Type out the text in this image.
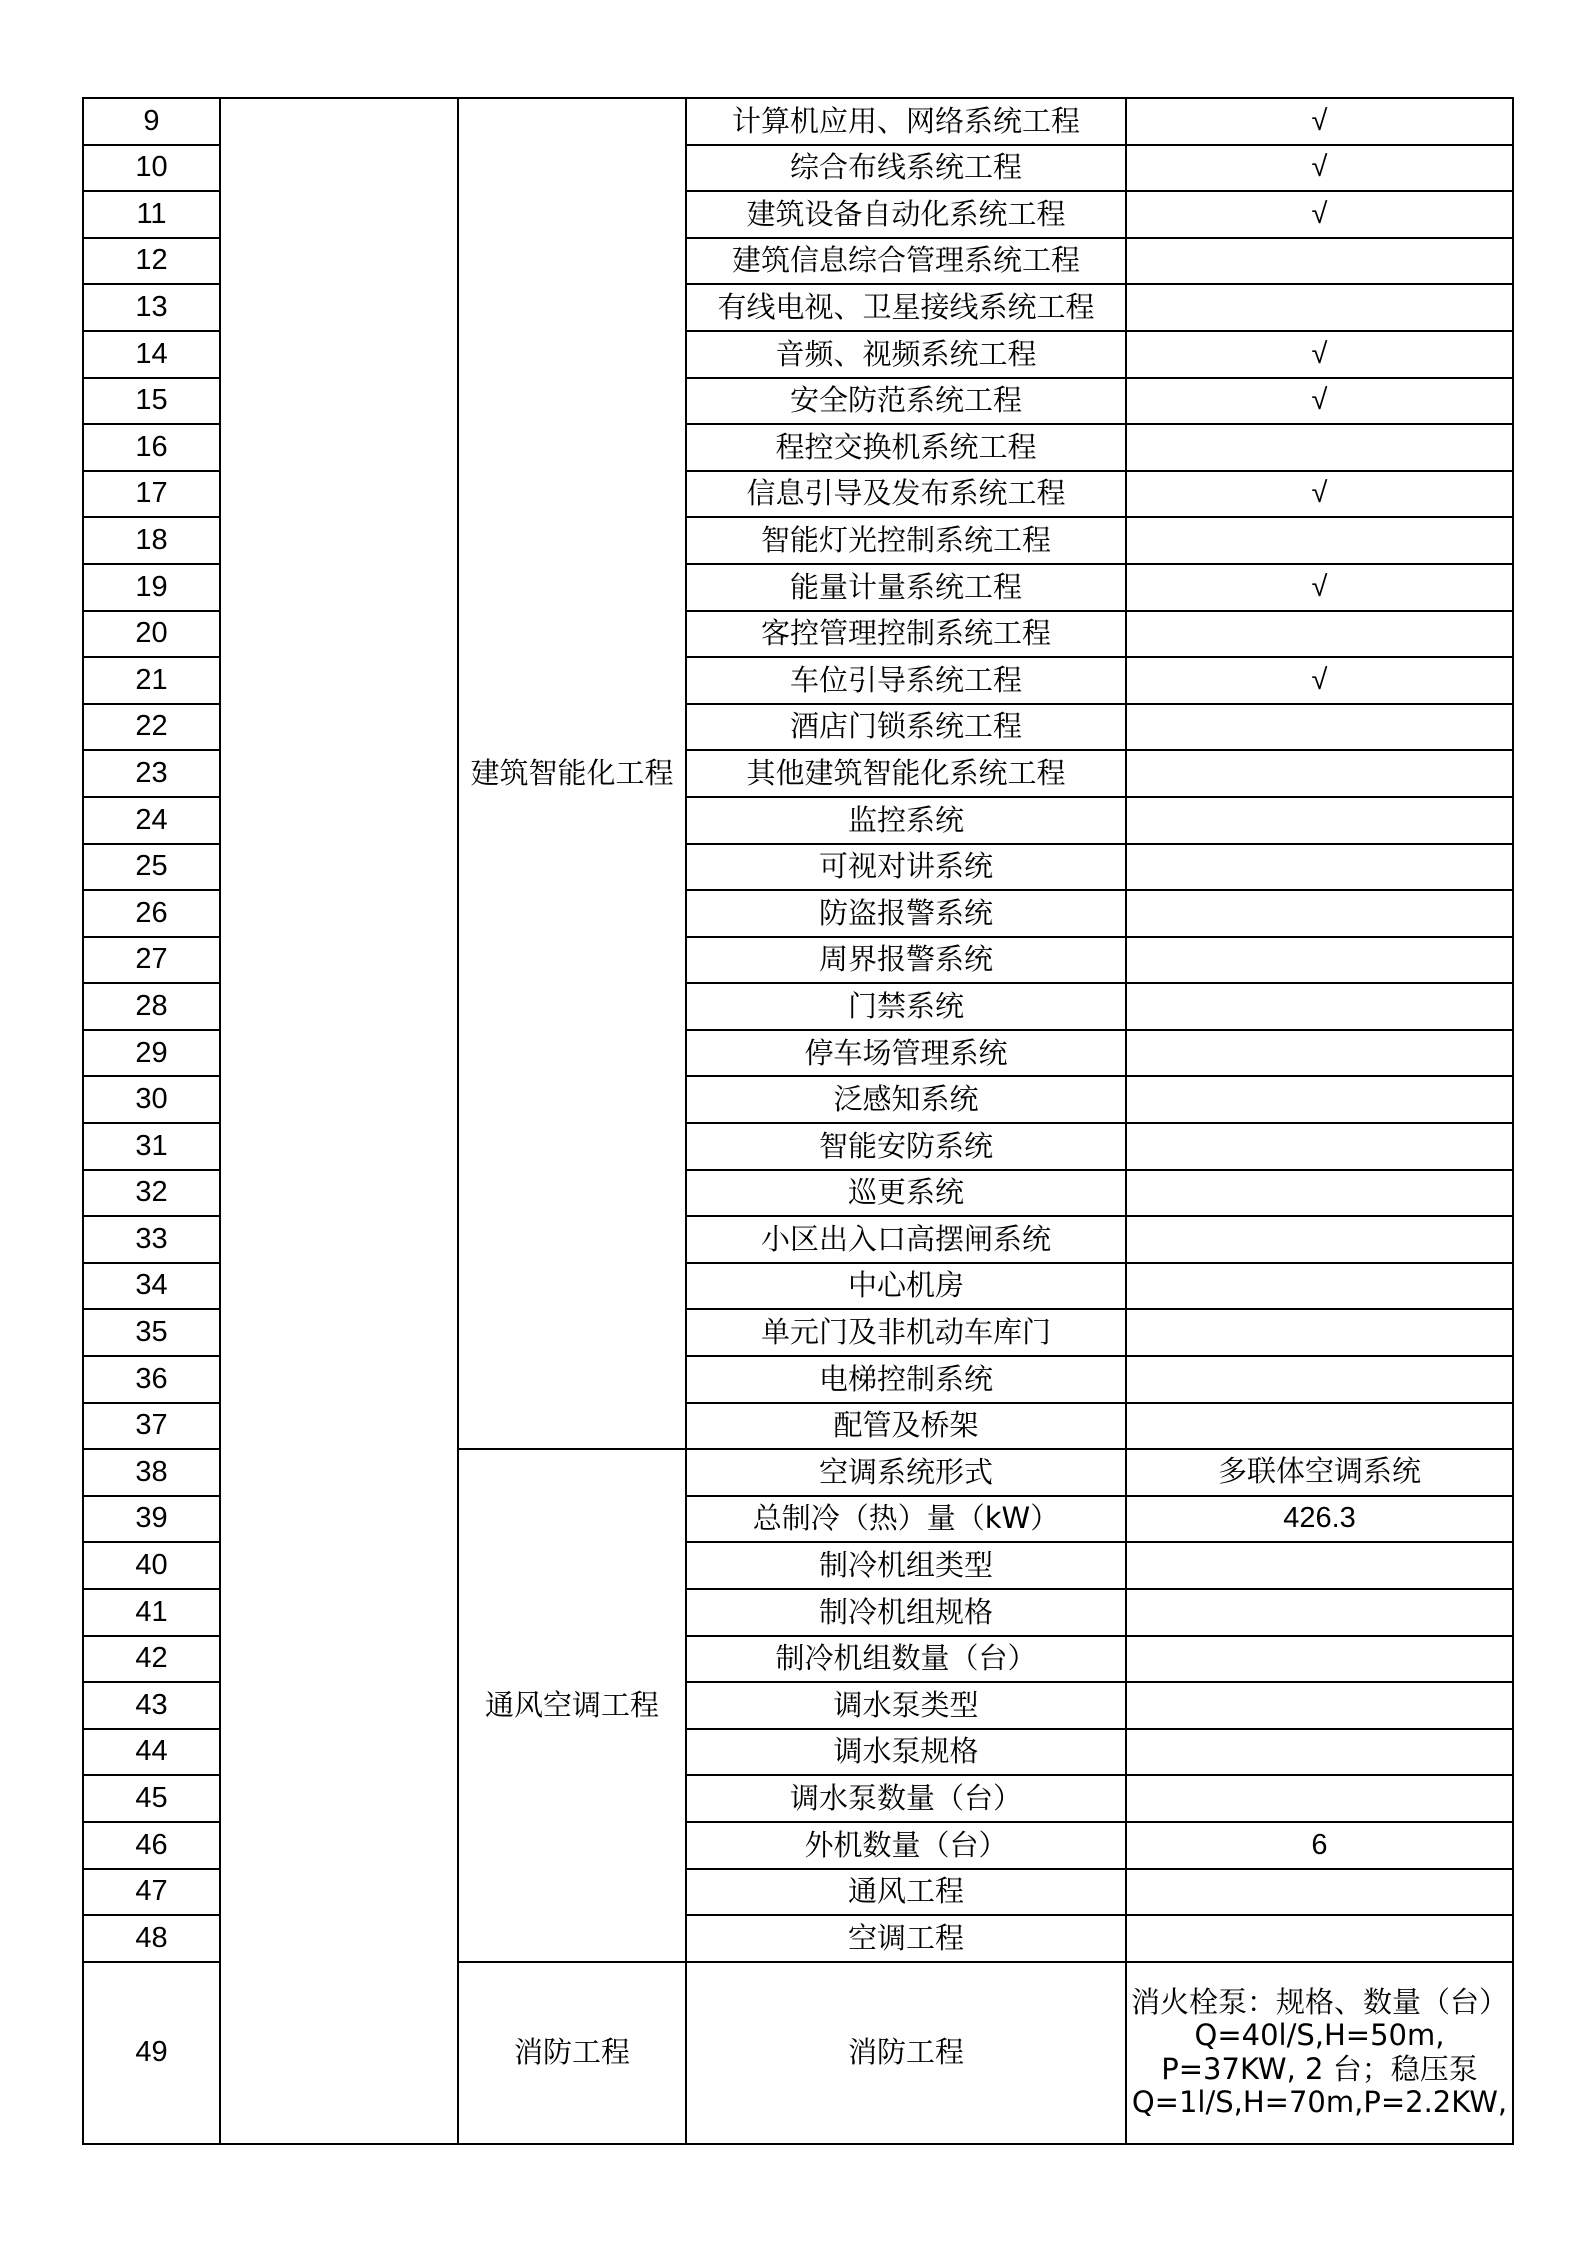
9		建筑智能化工程	计算机应用、网络系统工程	√
10			综合布线系统工程	√
11			建筑设备自动化系统工程	√
12			建筑信息综合管理系统工程	
13			有线电视、卫星接线系统工程	
14			音频、视频系统工程	√
15			安全防范系统工程	√
16			程控交换机系统工程	
17			信息引导及发布系统工程	√
18			智能灯光控制系统工程	
19			能量计量系统工程	√
20			客控管理控制系统工程	
21			车位引导系统工程	√
22			酒店门锁系统工程	
23			其他建筑智能化系统工程	
24			监控系统	
25			可视对讲系统	
26			防盗报警系统	
27			周界报警系统	
28			门禁系统	
29			停车场管理系统	
30			泛感知系统	
31			智能安防系统	
32			巡更系统	
33			小区出入口高摆闸系统	
34			中心机房	
35			单元门及非机动车库门	
36			电梯控制系统	
37			配管及桥架	
38		通风空调工程	空调系统形式	多联体空调系统
39			总制冷（热）量（kW）	426.3
40			制冷机组类型	
41			制冷机组规格	
42			制冷机组数量（台）	
43			调水泵类型	
44			调水泵规格	
45			调水泵数量（台）	
46			外机数量（台）	6
47			通风工程	
48			空调工程	
49		消防工程	消防工程	消火栓泵：规格、数量（台）Q=40l/S,H=50m, P=37KW, 2 台；稳压泵 Q=1l/S,H=70m,P=2.2KW,
